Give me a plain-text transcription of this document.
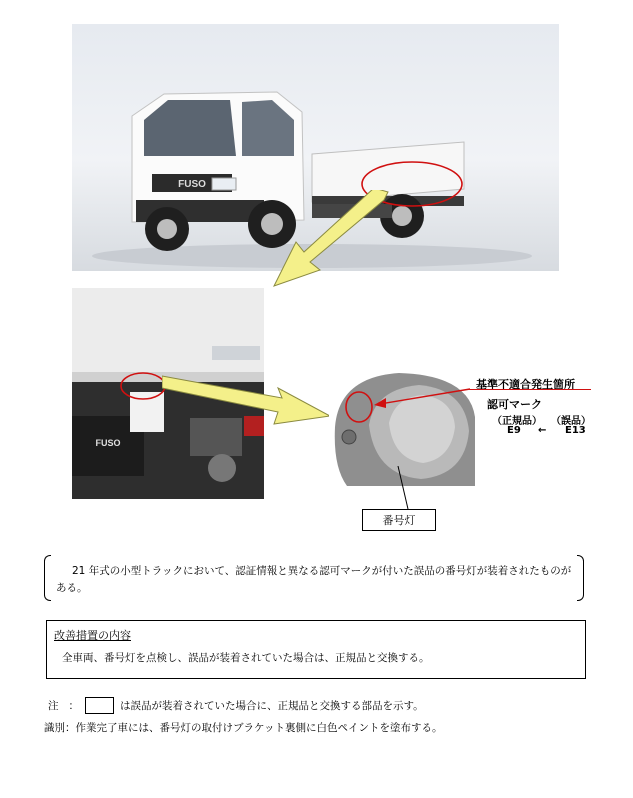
FUSO
FUSO
基準不適合発生箇所
認可マーク
（正規品） （誤品）
E9 ← E13
番号灯
21 年式の小型トラックにおいて、認証情報と異なる認可マークが付いた誤品の番号灯が装着されたものがある。
改善措置の内容
全車両、番号灯を点検し、誤品が装着されていた場合は、正規品と交換する。
注 ：	は誤品が装着されていた場合に、正規品と交換する部品を示す。
識別：作業完了車には、番号灯の取付けブラケット裏側に白色ペイントを塗布する。
